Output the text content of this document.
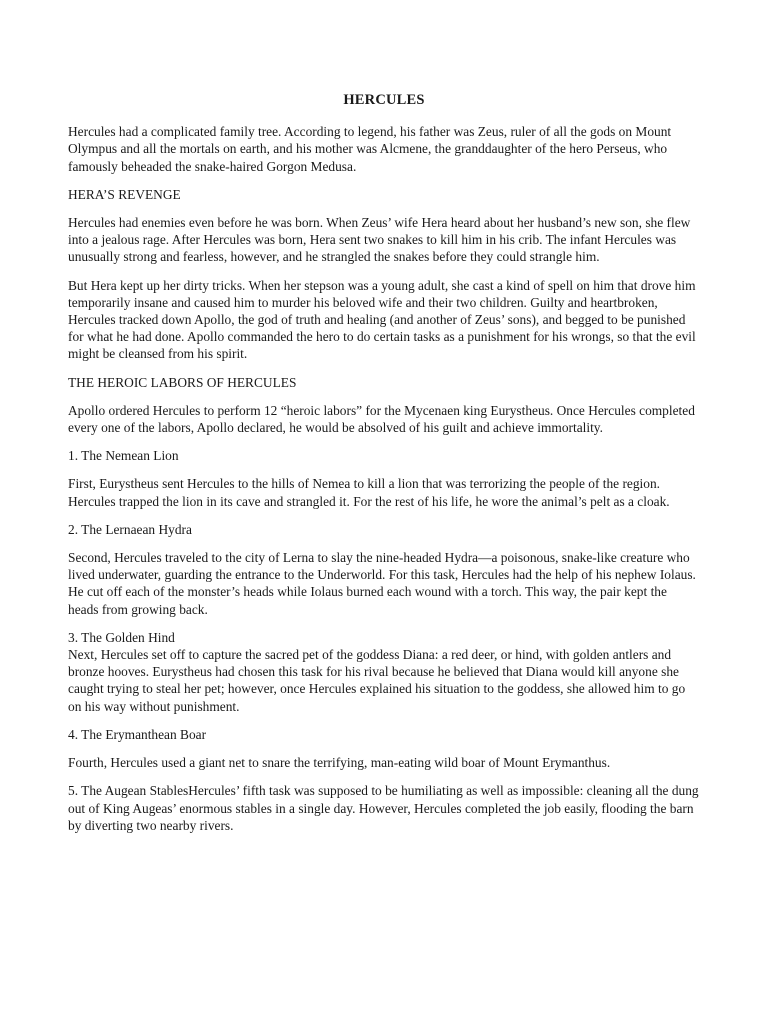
HERCULES

Hercules had a complicated family tree. According to legend, his father was Zeus, ruler of all the gods on Mount Olympus and all the mortals on earth, and his mother was Alcmene, the granddaughter of the hero Perseus, who famously beheaded the snake-haired Gorgon Medusa.

HERA’S REVENGE

Hercules had enemies even before he was born. When Zeus’ wife Hera heard about her husband’s new son, she flew into a jealous rage. After Hercules was born, Hera sent two snakes to kill him in his crib. The infant Hercules was unusually strong and fearless, however, and he strangled the snakes before they could strangle him.

But Hera kept up her dirty tricks. When her stepson was a young adult, she cast a kind of spell on him that drove him temporarily insane and caused him to murder his beloved wife and their two children. Guilty and heartbroken, Hercules tracked down Apollo, the god of truth and healing (and another of Zeus’ sons), and begged to be punished for what he had done. Apollo commanded the hero to do certain tasks as a punishment for his wrongs, so that the evil might be cleansed from his spirit.

THE HEROIC LABORS OF HERCULES

Apollo ordered Hercules to perform 12 “heroic labors” for the Mycenaen king Eurystheus. Once Hercules completed every one of the labors, Apollo declared, he would be absolved of his guilt and achieve immortality.

1. The Nemean Lion

First, Eurystheus sent Hercules to the hills of Nemea to kill a lion that was terrorizing the people of the region. Hercules trapped the lion in its cave and strangled it. For the rest of his life, he wore the animal’s pelt as a cloak.

2. The Lernaean Hydra

Second, Hercules traveled to the city of Lerna to slay the nine-headed Hydra—a poisonous, snake-like creature who lived underwater, guarding the entrance to the Underworld. For this task, Hercules had the help of his nephew Iolaus. He cut off each of the monster’s heads while Iolaus burned each wound with a torch. This way, the pair kept the heads from growing back.

3. The Golden Hind

Next, Hercules set off to capture the sacred pet of the goddess Diana: a red deer, or hind, with golden antlers and bronze hooves. Eurystheus had chosen this task for his rival because he believed that Diana would kill anyone she caught trying to steal her pet; however, once Hercules explained his situation to the goddess, she allowed him to go on his way without punishment.

4. The Erymanthean Boar

Fourth, Hercules used a giant net to snare the terrifying, man-eating wild boar of Mount Erymanthus.

5. The Augean StablesHercules’ fifth task was supposed to be humiliating as well as impossible: cleaning all the dung out of King Augeas’ enormous stables in a single day. However, Hercules completed the job easily, flooding the barn by diverting two nearby rivers.
